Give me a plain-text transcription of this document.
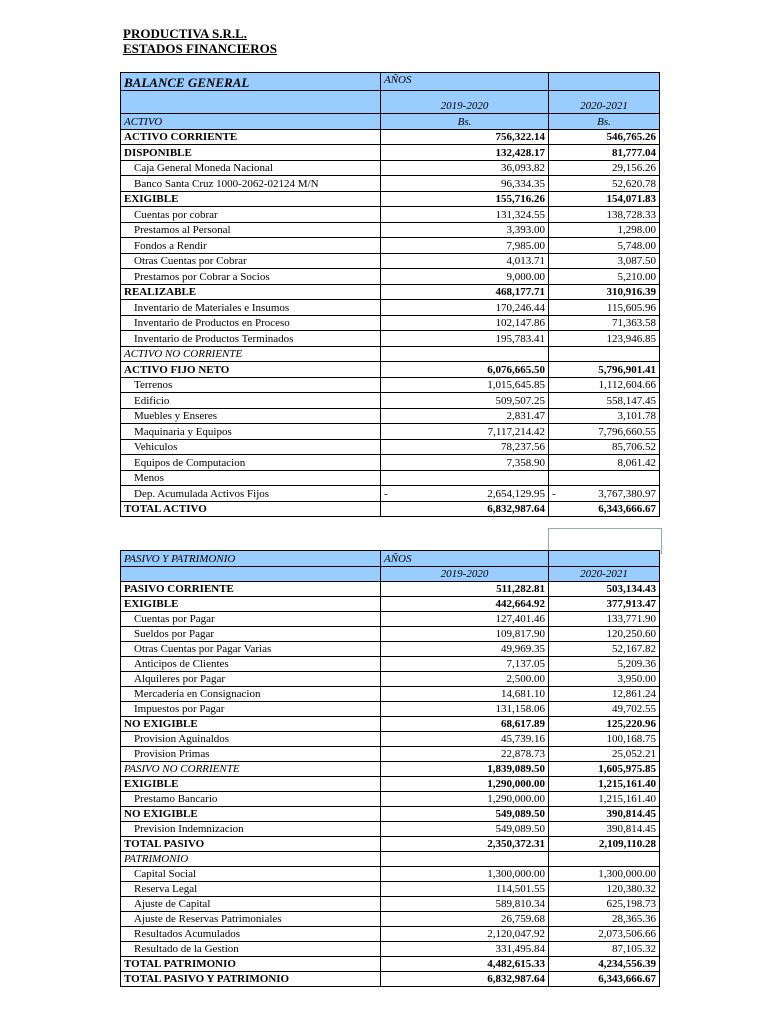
PRODUCTIVA S.R.L.
ESTADOS FINANCIEROS
BALANCE GENERAL	AÑOS	
	2019-2020	2020-2021
ACTIVO	Bs.	Bs.
ACTIVO CORRIENTE	756,322.14	546,765.26
DISPONIBLE	132,428.17	81,777.04
Caja General Moneda Nacional	36,093.82	29,156.26
Banco Santa Cruz 1000-2062-02124 M/N	96,334.35	52,620.78
EXIGIBLE	155,716.26	154,071.83
Cuentas por cobrar	131,324.55	138,728.33
Prestamos al Personal	3,393.00	1,298.00
Fondos a Rendir	7,985.00	5,748.00
Otras Cuentas por Cobrar	4,013.71	3,087.50
Prestamos por Cobrar a Socios	9,000.00	5,210.00
REALIZABLE	468,177.71	310,916.39
Inventario de Materiales e Insumos	170,246.44	115,605.96
Inventario de Productos en Proceso	102,147.86	71,363.58
Inventario de Productos Terminados	195,783.41	123,946.85
ACTIVO NO CORRIENTE		
ACTIVO FIJO NETO	6,076,665.50	5,796,901.41
Terrenos	1,015,645.85	1,112,604.66
Edificio	509,507.25	558,147.45
Muebles y Enseres	2,831.47	3,101.78
Maquinaria y Equipos	7,117,214.42	7,796,660.55
Vehiculos	78,237.56	85,706.52
Equipos de Computacion	7,358.90	8,061.42
Menos		
Dep. Acumulada Activos Fijos	- 2,654,129.95	- 3,767,380.97

TOTAL ACTIVO	6,832,987.64	6,343,666.67
PASIVO Y PATRIMONIO	AÑOS	
	2019-2020	2020-2021
PASIVO CORRIENTE	511,282.81	503,134.43
EXIGIBLE	442,664.92	377,913.47
Cuentas por Pagar	127,401.46	133,771.90
Sueldos por Pagar	109,817.90	120,250.60
Otras Cuentas por Pagar Varias	49,969.35	52,167.82
Anticipos de Clientes	7,137.05	5,209.36
Alquileres por Pagar	2,500.00	3,950.00
Mercaderia en Consignacion	14,681.10	12,861.24
Impuestos por Pagar	131,158.06	49,702.55
NO EXIGIBLE	68,617.89	125,220.96
Provision Aguinaldos	45,739.16	100,168.75
Provision Primas	22,878.73	25,052.21
PASIVO NO CORRIENTE	1,839,089.50	1,605,975.85
EXIGIBLE	1,290,000.00	1,215,161.40
Prestamo Bancario	1,290,000.00	1,215,161.40
NO EXIGIBLE	549,089.50	390,814.45
Prevision Indemnizacion	549,089.50	390,814.45
TOTAL PASIVO	2,350,372.31	2,109,110.28
PATRIMONIO		
Capital Social	1,300,000.00	1,300,000.00
Reserva Legal	114,501.55	120,380.32
Ajuste de Capital	589,810.34	625,198.73
Ajuste de Reservas Patrimoniales	26,759.68	28,365.36
Resultados Acumulados	2,120,047.92	2,073,506.66
Resultado de la Gestion	331,495.84	87,105.32
TOTAL PATRIMONIO	4,482,615.33	4,234,556.39
TOTAL PASIVO Y PATRIMONIO	6,832,987.64	6,343,666.67
